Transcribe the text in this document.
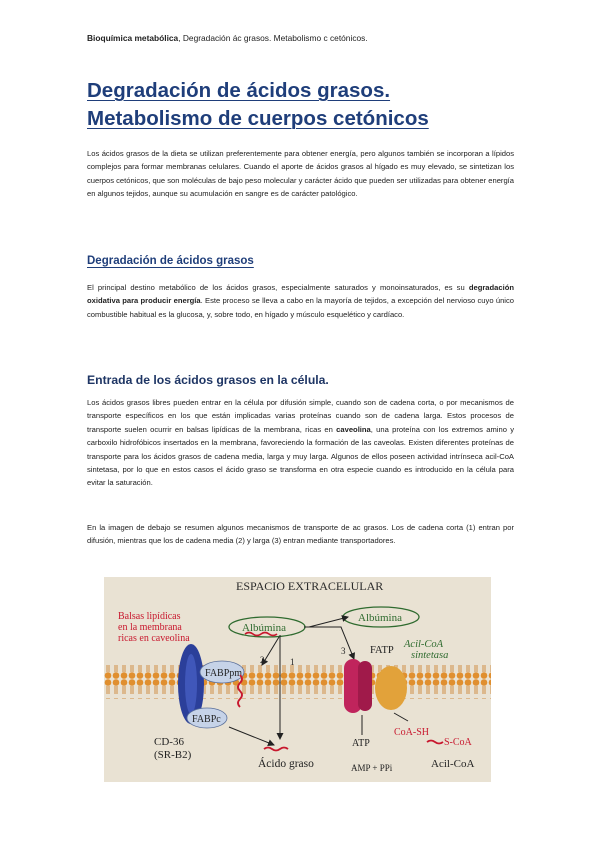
Bioquímica metabólica, Degradación ác grasos. Metabolismo c cetónicos.
Degradación de ácidos grasos.
Metabolismo de cuerpos cetónicos

Los ácidos grasos de la dieta se utilizan preferentemente para obtener energía, pero algunos también se incorporan a lípidos complejos para formar membranas celulares. Cuando el aporte de ácidos grasos al hígado es muy elevado, se sintetizan los cuerpos cetónicos, que son moléculas de bajo peso molecular y carácter ácido que pueden ser utilizadas para obtener energía en algunos tejidos, aunque su acumulación en sangre es de carácter patológico.

Degradación de ácidos grasos

El principal destino metabólico de los ácidos grasos, especialmente saturados y monoinsaturados, es su degradación oxidativa para producir energía. Este proceso se lleva a cabo en la mayoría de tejidos, a excepción del nervioso cuyo único combustible habitual es la glucosa, y, sobre todo, en hígado y músculo esquelético y cardíaco.

Entrada de los ácidos grasos en la célula.

Los ácidos grasos libres pueden entrar en la célula por difusión simple, cuando son de cadena corta, o por mecanismos de transporte específicos en los que están implicadas varias proteínas cuando son de cadena larga. Estos procesos de transporte suelen ocurrir en balsas lipídicas de la membrana, ricas en caveolina, una proteína con los extremos amino y carboxilo hidrofóbicos insertados en la membrana, favoreciendo la formación de las caveolas. Existen diferentes proteínas de transporte para los ácidos grasos de cadena media, larga y muy larga. Algunos de ellos poseen actividad intrínseca acil-CoA sintetasa, por lo que en estos casos el ácido graso se transforma en otra especie cuando es introducido en la célula para evitar la saturación.

En la imagen de debajo se resumen algunos mecanismos de transporte de ac grasos. Los de cadena corta (1) entran por difusión, mientras que los de cadena media (2) y larga (3) entran mediante transportadores.

ESPACIO EXTRACELULAR
Balsas lipídicas
en la membrana
ricas en caveolina
Albúmina
Albúmina
FABPpm
FABPc
CD-36
(SR-B2)
2	1
3
Ácido graso
FATP
Acil-CoA
sintetasa
ATP
AMP + PPi
CoA-SH
S-CoA
Acil-CoA
